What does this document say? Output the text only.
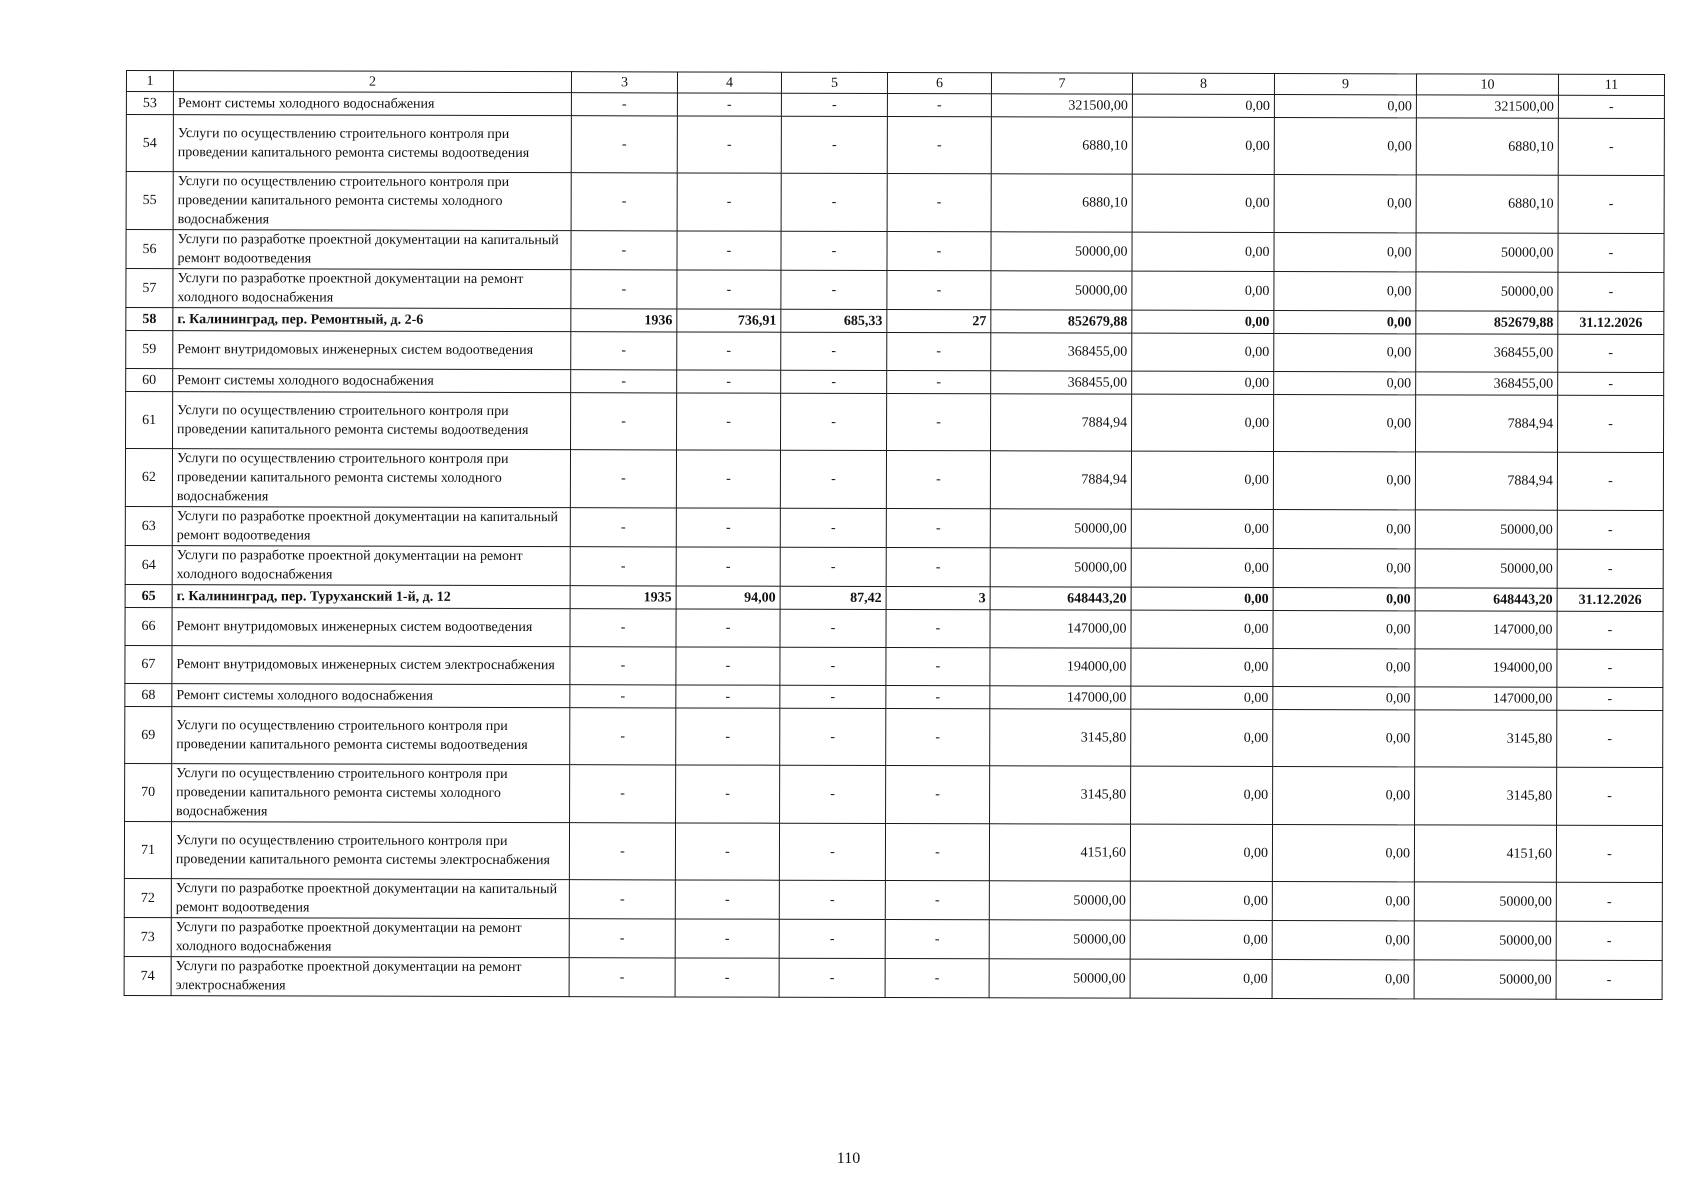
1	2	3	4	5	6	7	8	9	10	11
53	Ремонт системы холодного водоснабжения	-	-	-	-	321500,00	0,00	0,00	321500,00	-
54	Услуги по осуществлению строительного контроля при проведении капитального ремонта системы водоотведения	-	-	-	-	6880,10	0,00	0,00	6880,10	-
55	Услуги по осуществлению строительного контроля при проведении капитального ремонта системы холодного водоснабжения	-	-	-	-	6880,10	0,00	0,00	6880,10	-
56	Услуги по разработке проектной документации на капитальный ремонт водоотведения	-	-	-	-	50000,00	0,00	0,00	50000,00	-
57	Услуги по разработке проектной документации на ремонт холодного водоснабжения	-	-	-	-	50000,00	0,00	0,00	50000,00	-
58	г. Калининград, пер. Ремонтный, д. 2-6	1936	736,91	685,33	27	852679,88	0,00	0,00	852679,88	31.12.2026
59	Ремонт внутридомовых инженерных систем водоотведения	-	-	-	-	368455,00	0,00	0,00	368455,00	-
60	Ремонт системы холодного водоснабжения	-	-	-	-	368455,00	0,00	0,00	368455,00	-
61	Услуги по осуществлению строительного контроля при проведении капитального ремонта системы водоотведения	-	-	-	-	7884,94	0,00	0,00	7884,94	-
62	Услуги по осуществлению строительного контроля при проведении капитального ремонта системы холодного водоснабжения	-	-	-	-	7884,94	0,00	0,00	7884,94	-
63	Услуги по разработке проектной документации на капитальный ремонт водоотведения	-	-	-	-	50000,00	0,00	0,00	50000,00	-
64	Услуги по разработке проектной документации на ремонт холодного водоснабжения	-	-	-	-	50000,00	0,00	0,00	50000,00	-
65	г. Калининград, пер. Туруханский 1-й, д. 12	1935	94,00	87,42	3	648443,20	0,00	0,00	648443,20	31.12.2026
66	Ремонт внутридомовых инженерных систем водоотведения	-	-	-	-	147000,00	0,00	0,00	147000,00	-
67	Ремонт внутридомовых инженерных систем электроснабжения	-	-	-	-	194000,00	0,00	0,00	194000,00	-
68	Ремонт системы холодного водоснабжения	-	-	-	-	147000,00	0,00	0,00	147000,00	-
69	Услуги по осуществлению строительного контроля при проведении капитального ремонта системы водоотведения	-	-	-	-	3145,80	0,00	0,00	3145,80	-
70	Услуги по осуществлению строительного контроля при проведении капитального ремонта системы холодного водоснабжения	-	-	-	-	3145,80	0,00	0,00	3145,80	-
71	Услуги по осуществлению строительного контроля при проведении капитального ремонта системы электроснабжения	-	-	-	-	4151,60	0,00	0,00	4151,60	-
72	Услуги по разработке проектной документации на капитальный ремонт водоотведения	-	-	-	-	50000,00	0,00	0,00	50000,00	-
73	Услуги по разработке проектной документации на ремонт холодного водоснабжения	-	-	-	-	50000,00	0,00	0,00	50000,00	-
74	Услуги по разработке проектной документации на ремонт электроснабжения	-	-	-	-	50000,00	0,00	0,00	50000,00	-
110
